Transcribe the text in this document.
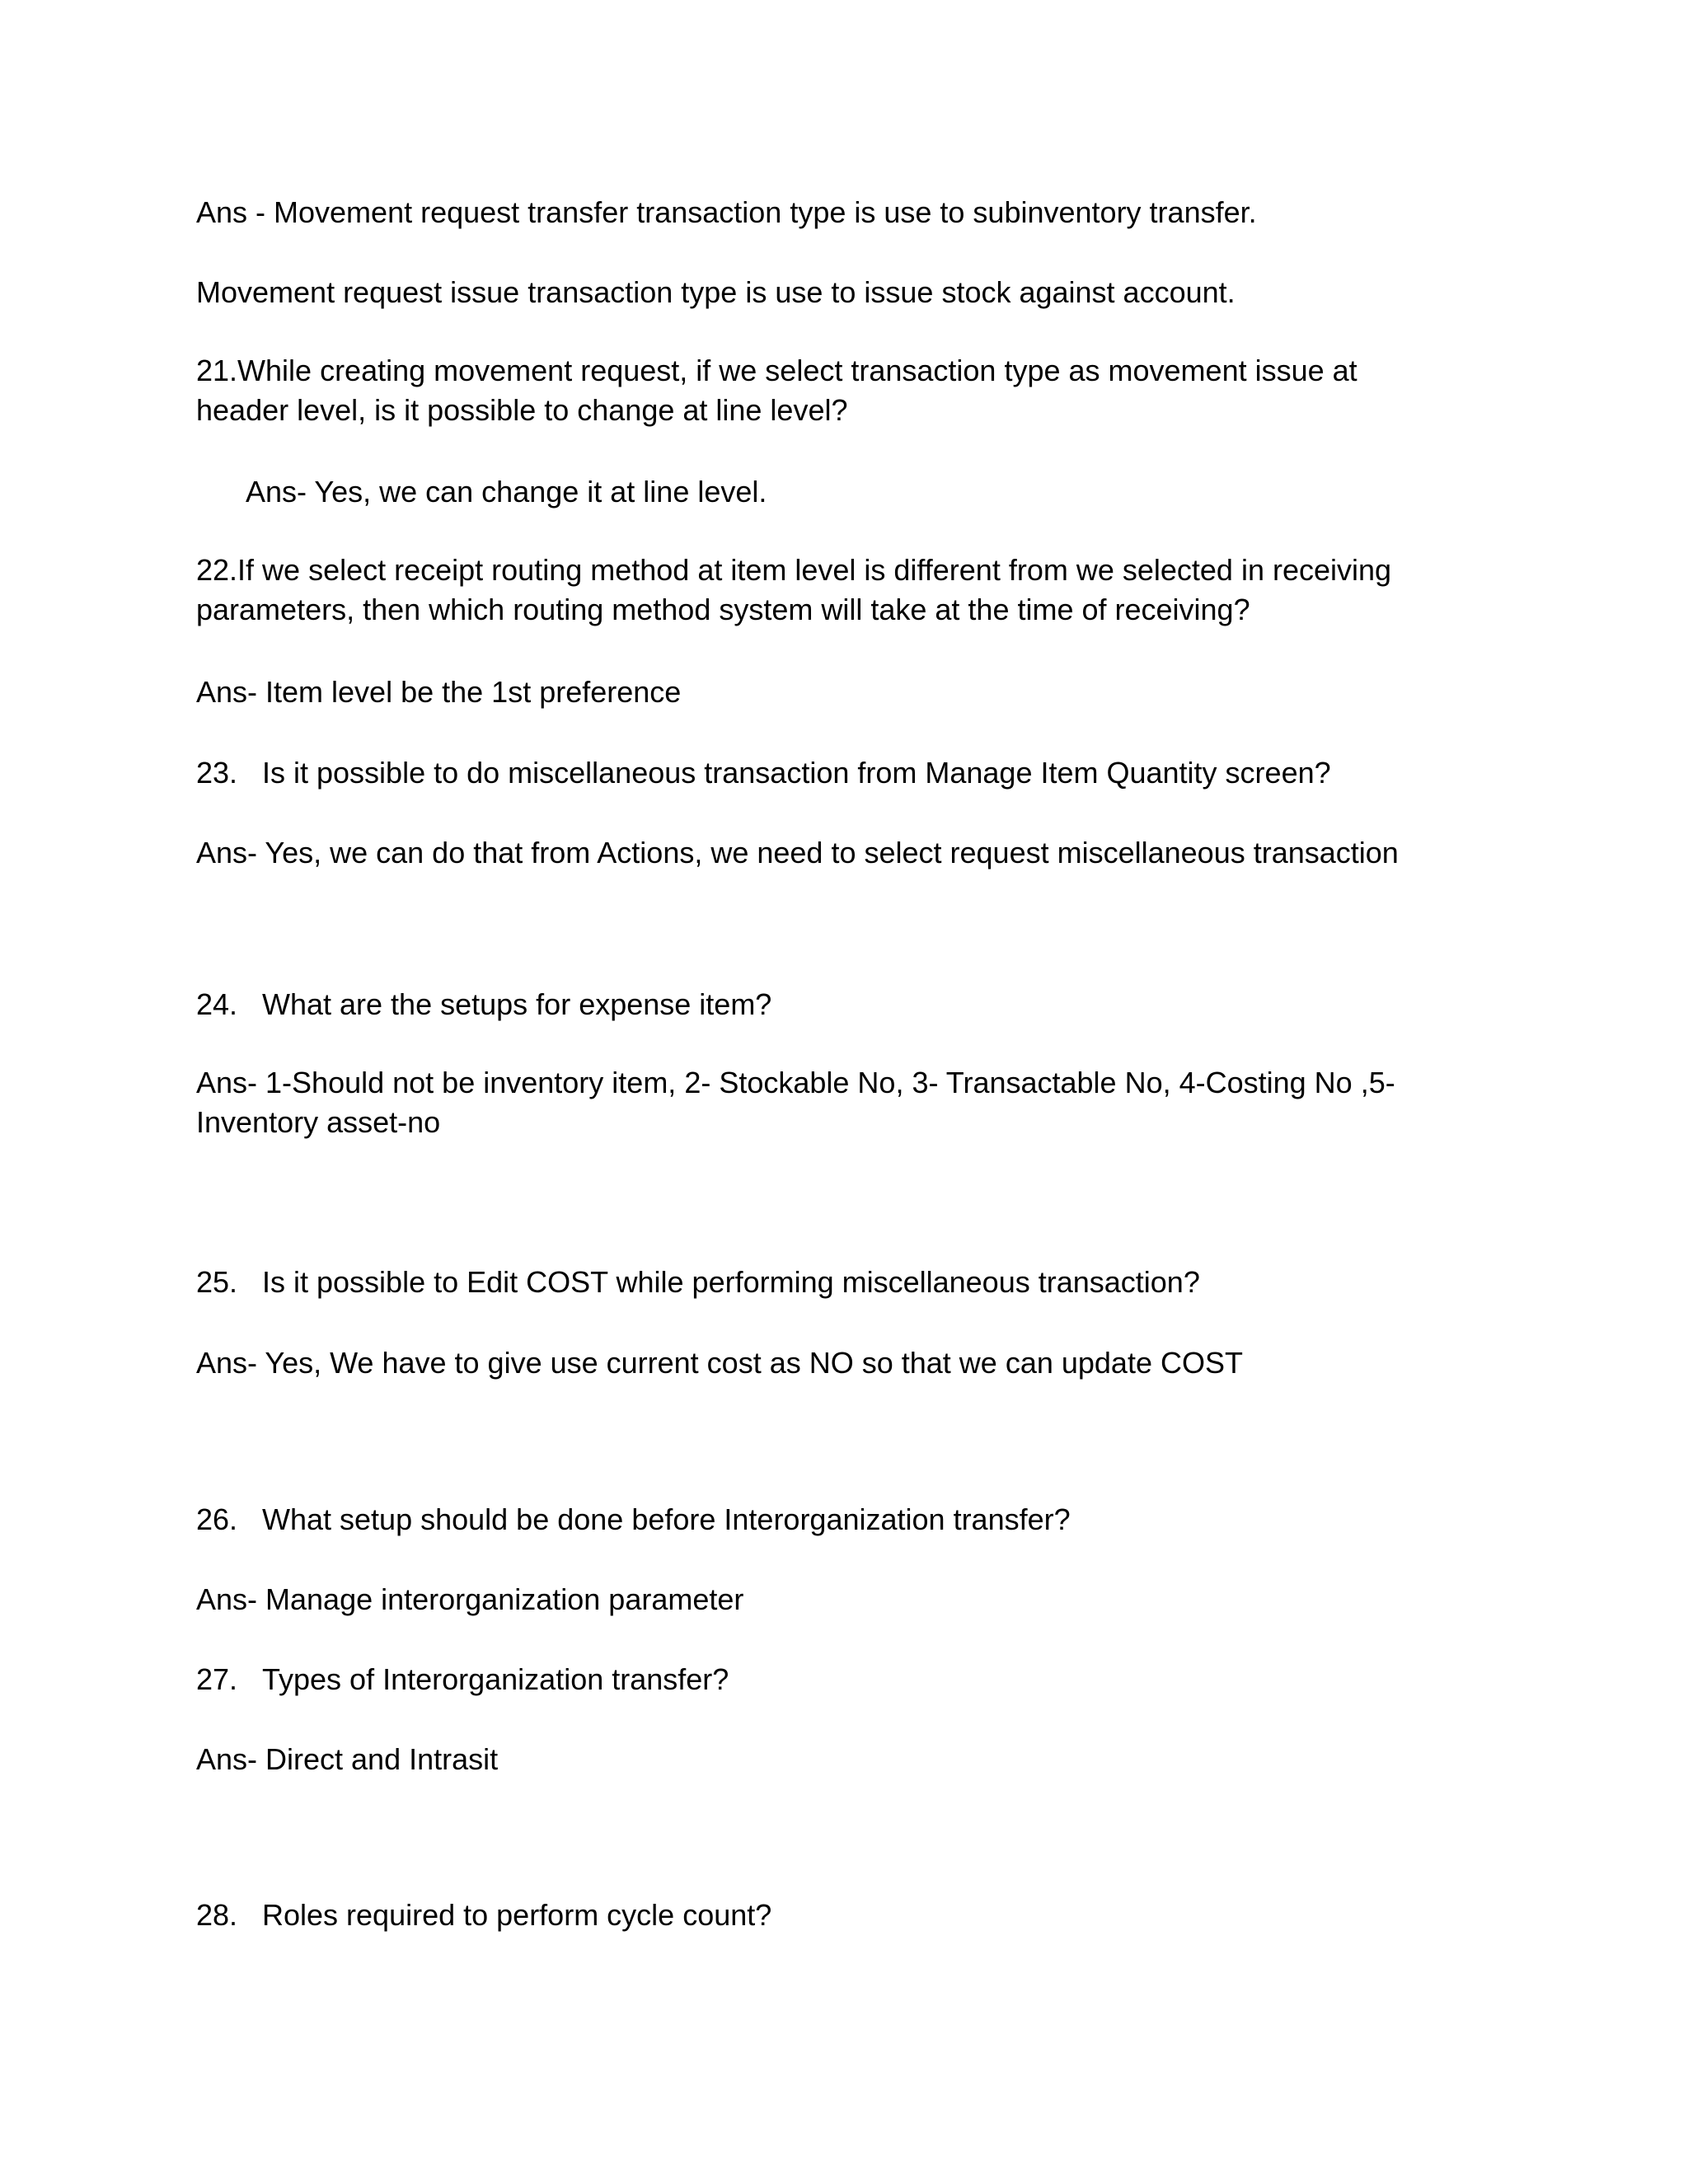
Ans - Movement request transfer transaction type is use to subinventory transfer.
Movement request issue transaction type is use to issue stock against account.
21.While creating movement request, if we select transaction type as movement issue at
header level, is it possible to change at line level?
Ans- Yes, we can change it at line level.
22.If we select receipt routing method at item level is different from we selected in receiving
parameters, then which routing method system will take at the time of receiving?
Ans- Item level be the 1st preference
23. Is it possible to do miscellaneous transaction from Manage Item Quantity screen?
Ans- Yes, we can do that from Actions, we need to select request miscellaneous transaction
24. What are the setups for expense item?
Ans- 1-Should not be inventory item, 2- Stockable No, 3- Transactable No, 4-Costing No ,5-
Inventory asset-no
25. Is it possible to Edit COST while performing miscellaneous transaction?
Ans- Yes, We have to give use current cost as NO so that we can update COST
26. What setup should be done before Interorganization transfer?
Ans- Manage interorganization parameter
27. Types of Interorganization transfer?
Ans- Direct and Intrasit
28. Roles required to perform cycle count?
